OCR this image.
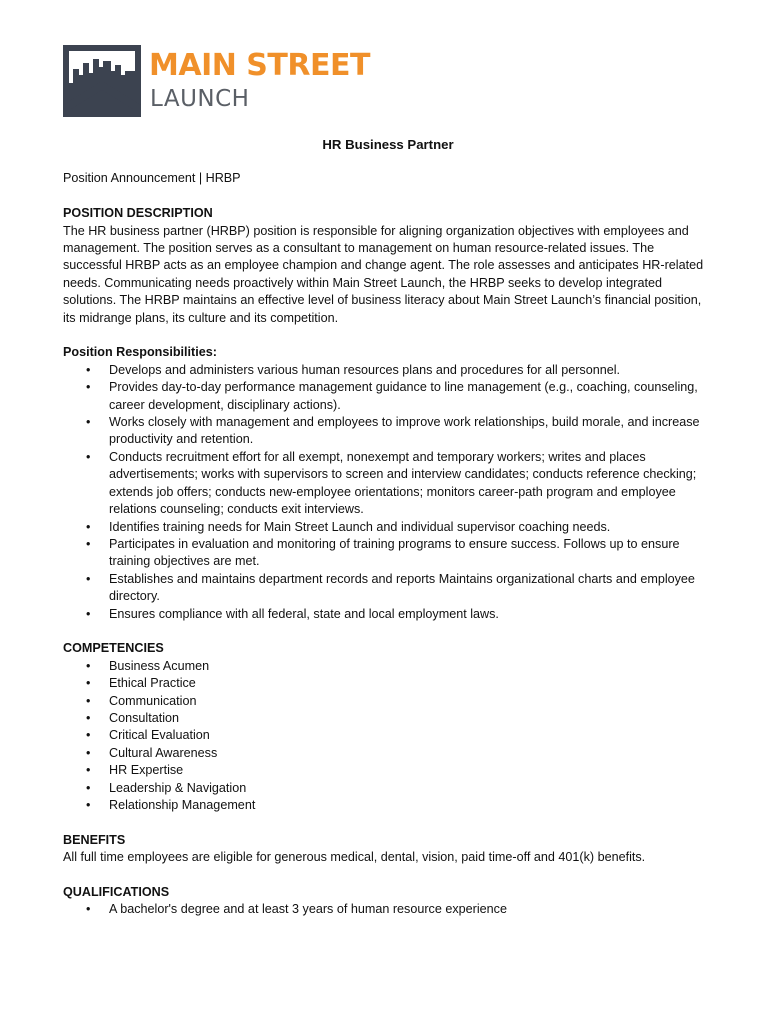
MAIN STREET
LAUNCH
HR Business Partner
Position Announcement | HRBP
POSITION DESCRIPTION
The HR business partner (HRBP) position is responsible for aligning organization objectives with employees and management. The position serves as a consultant to management on human resource-related issues. The successful HRBP acts as an employee champion and change agent. The role assesses and anticipates HR-related needs. Communicating needs proactively within Main Street Launch, the HRBP seeks to develop integrated solutions. The HRBP maintains an effective level of business literacy about Main Street Launch’s financial position, its midrange plans, its culture and its competition.
Position Responsibilities:
• Develops and administers various human resources plans and procedures for all personnel.
• Provides day-to-day performance management guidance to line management (e.g., coaching, counseling, career development, disciplinary actions).
• Works closely with management and employees to improve work relationships, build morale, and increase productivity and retention.
• Conducts recruitment effort for all exempt, nonexempt and temporary workers; writes and places advertisements; works with supervisors to screen and interview candidates; conducts reference checking; extends job offers; conducts new-employee orientations; monitors career-path program and employee relations counseling; conducts exit interviews.
• Identifies training needs for Main Street Launch and individual supervisor coaching needs.
• Participates in evaluation and monitoring of training programs to ensure success. Follows up to ensure training objectives are met.
• Establishes and maintains department records and reports Maintains organizational charts and employee directory.
• Ensures compliance with all federal, state and local employment laws.
COMPETENCIES
• Business Acumen
• Ethical Practice
• Communication
• Consultation
• Critical Evaluation
• Cultural Awareness
• HR Expertise
• Leadership & Navigation
• Relationship Management
BENEFITS
All full time employees are eligible for generous medical, dental, vision, paid time-off and 401(k) benefits.
QUALIFICATIONS
• A bachelor's degree and at least 3 years of human resource experience
